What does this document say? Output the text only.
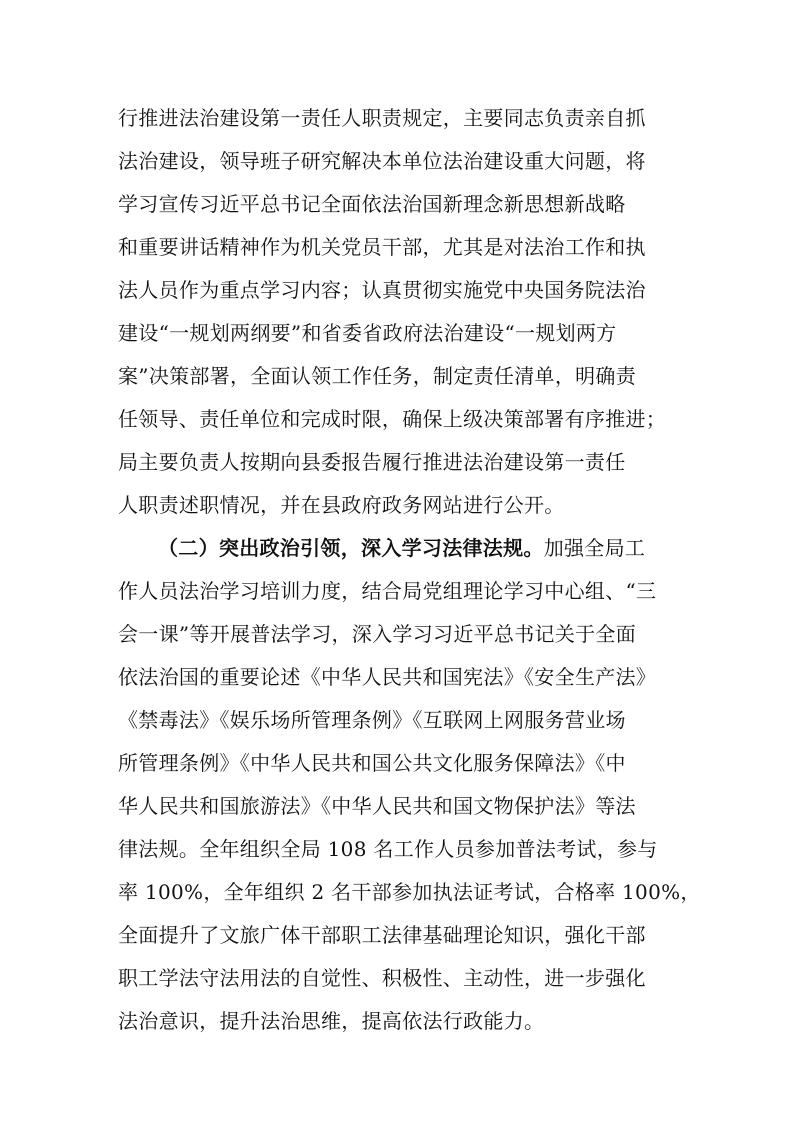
行推进法治建设第一责任人职责规定，主要同志负责亲自抓
法治建设，领导班子研究解决本单位法治建设重大问题，将
学习宣传习近平总书记全面依法治国新理念新思想新战略
和重要讲话精神作为机关党员干部，尤其是对法治工作和执
法人员作为重点学习内容；认真贯彻实施党中央国务院法治
建设“一规划两纲要”和省委省政府法治建设“一规划两方
案”决策部署，全面认领工作任务，制定责任清单，明确责
任领导、责任单位和完成时限，确保上级决策部署有序推进；
局主要负责人按期向县委报告履行推进法治建设第一责任
人职责述职情况，并在县政府政务网站进行公开。
（二）突出政治引领，深入学习法律法规。加强全局工
作人员法治学习培训力度，结合局党组理论学习中心组、“三
会一课”等开展普法学习，深入学习习近平总书记关于全面
依法治国的重要论述《中华人民共和国宪法》《安全生产法》
《禁毒法》《娱乐场所管理条例》《互联网上网服务营业场
所管理条例》《中华人民共和国公共文化服务保障法》《中
华人民共和国旅游法》《中华人民共和国文物保护法》等法
律法规。全年组织全局 108 名工作人员参加普法考试，参与
率 100%，全年组织 2 名干部参加执法证考试，合格率 100%，
全面提升了文旅广体干部职工法律基础理论知识，强化干部
职工学法守法用法的自觉性、积极性、主动性，进一步强化
法治意识，提升法治思维，提高依法行政能力。
